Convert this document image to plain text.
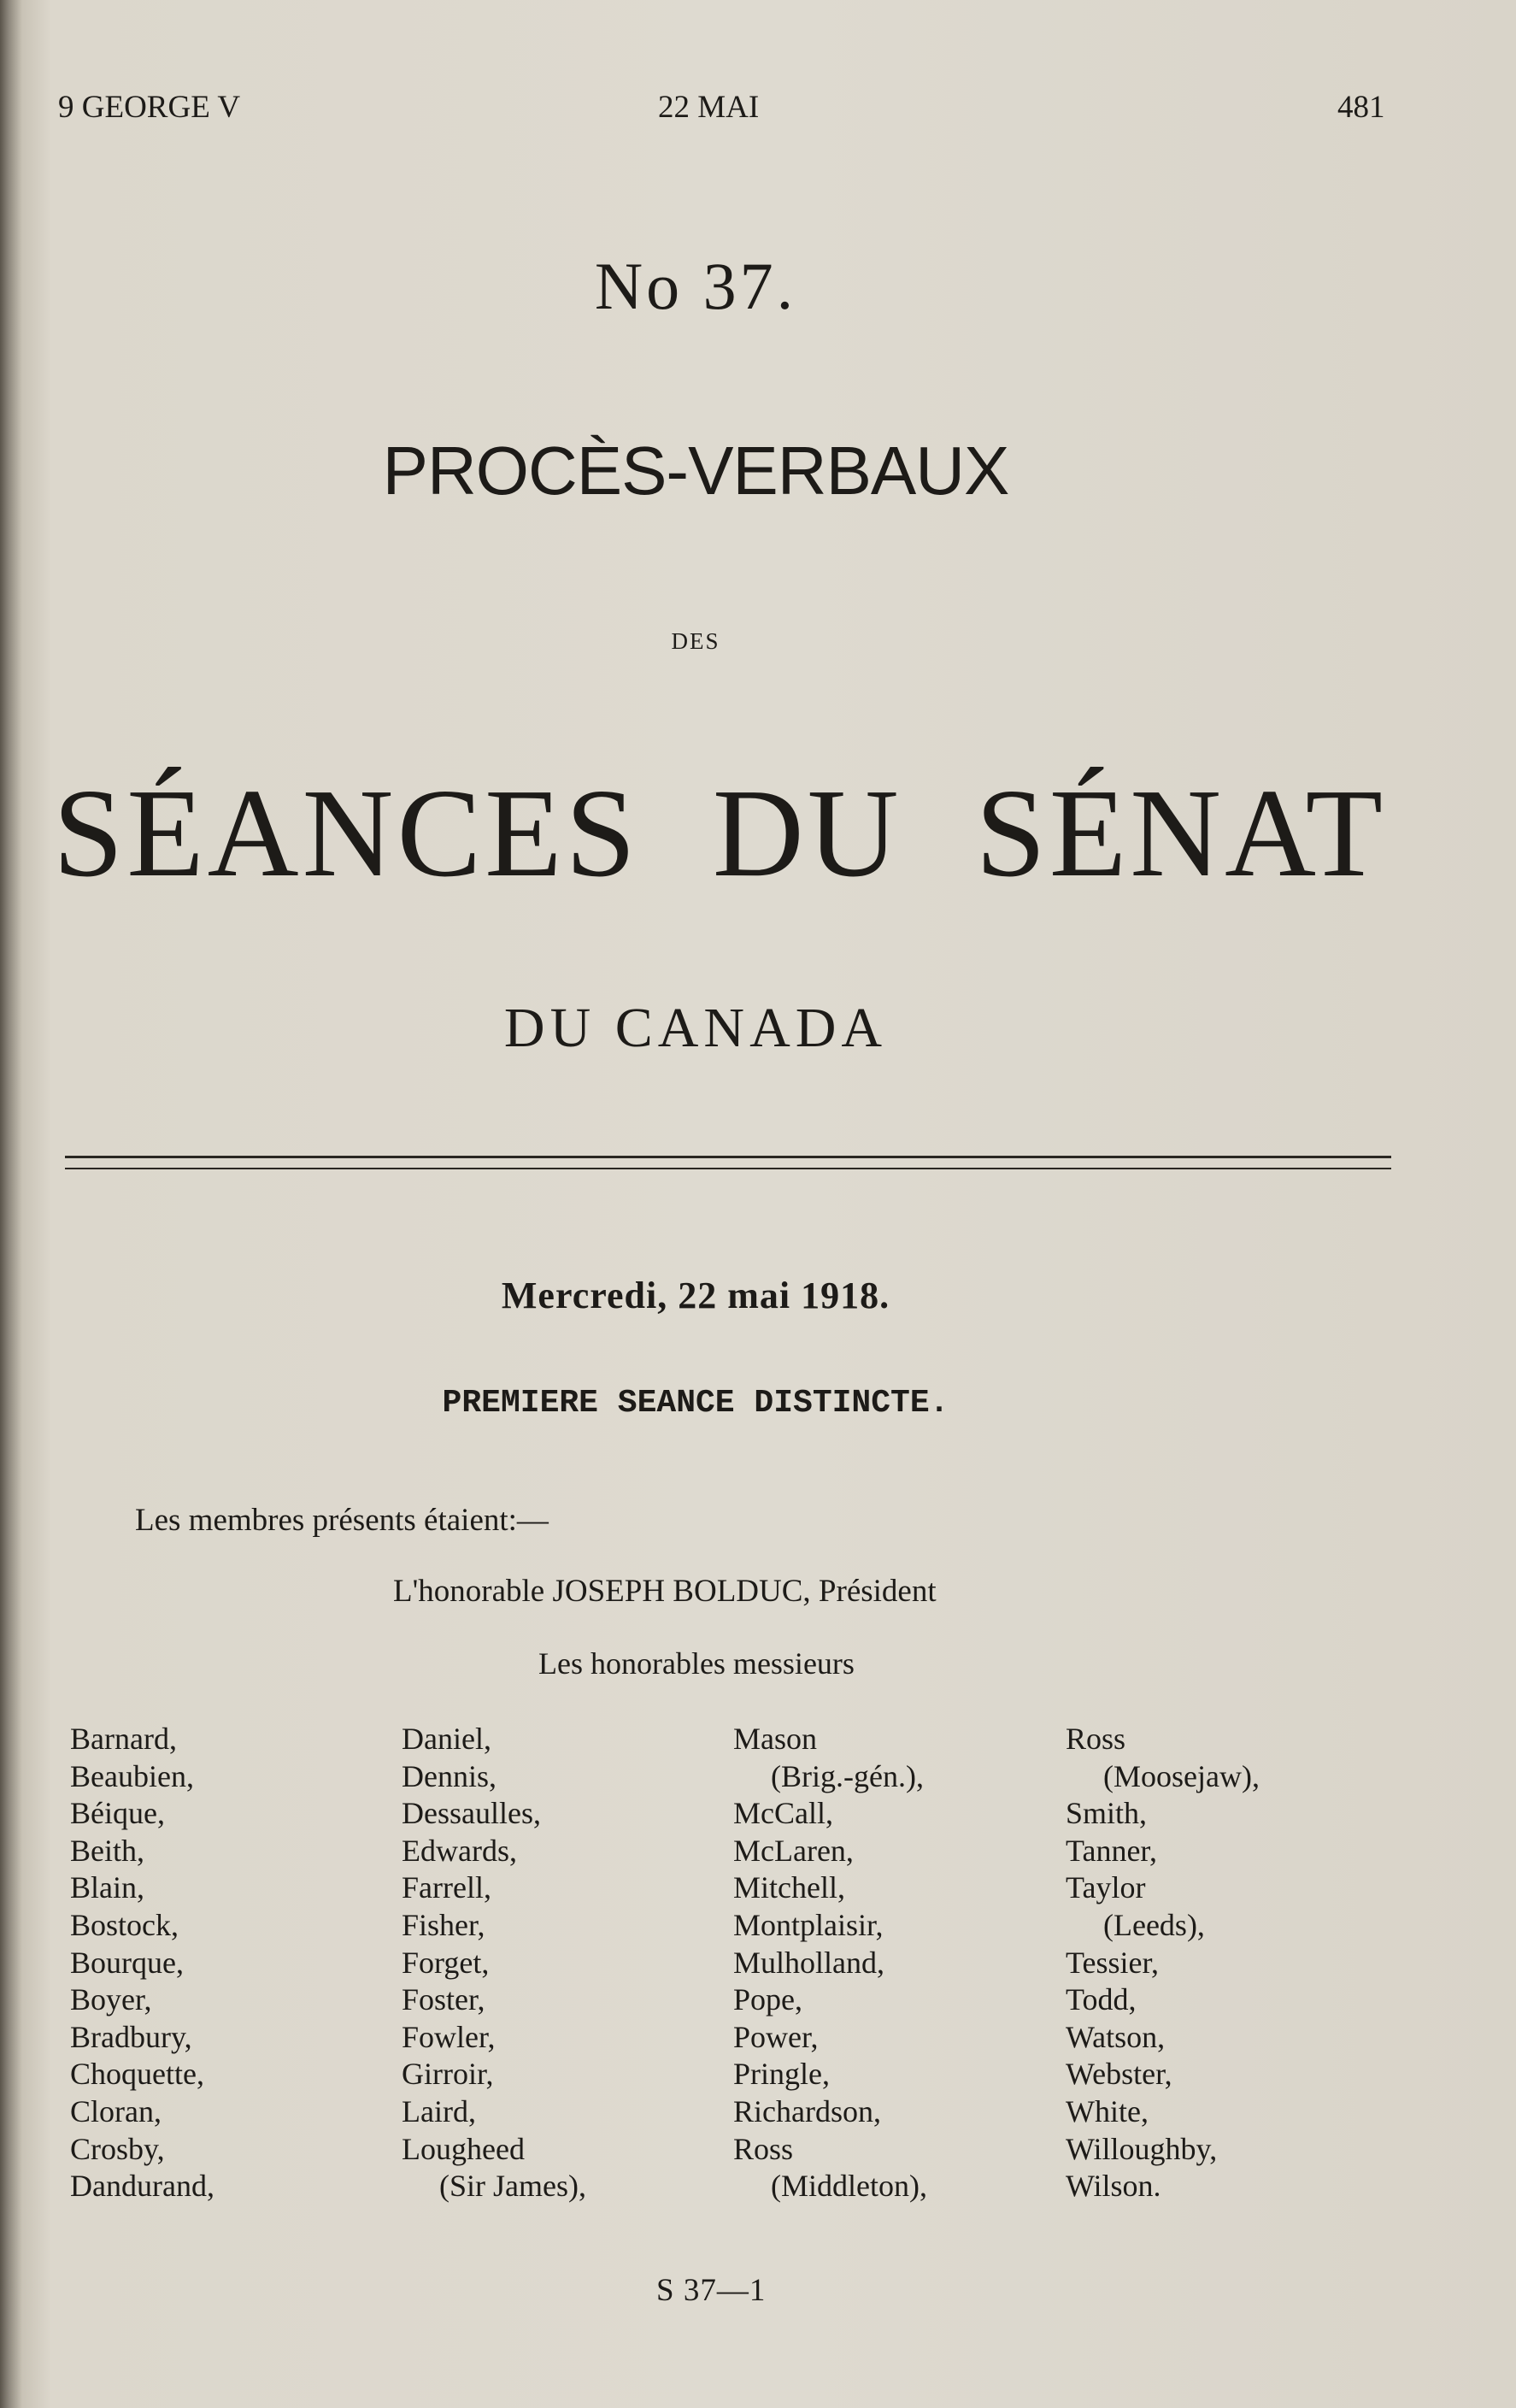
9 GEORGE V	22 MAI	481
No 37.
PROCÈS-VERBAUX
DES
SÉANCES DU SÉNAT
DU CANADA
Mercredi, 22 mai 1918.
PREMIERE SEANCE DISTINCTE.
Les membres présents étaient:—
L'honorable JOSEPH BOLDUC, Président
Les honorables messieurs
Barnard,
Beaubien,
Béique,
Beith,
Blain,
Bostock,
Bourque,
Boyer,
Bradbury,
Choquette,
Cloran,
Crosby,
Dandurand,
Daniel,
Dennis,
Dessaulles,
Edwards,
Farrell,
Fisher,
Forget,
Foster,
Fowler,
Girroir,
Laird,
Lougheed
(Sir James),
Mason
(Brig.-gén.),
McCall,
McLaren,
Mitchell,
Montplaisir,
Mulholland,
Pope,
Power,
Pringle,
Richardson,
Ross
(Middleton),
Ross
(Moosejaw),
Smith,
Tanner,
Taylor
(Leeds),
Tessier,
Todd,
Watson,
Webster,
White,
Willoughby,
Wilson.
S 37—1
